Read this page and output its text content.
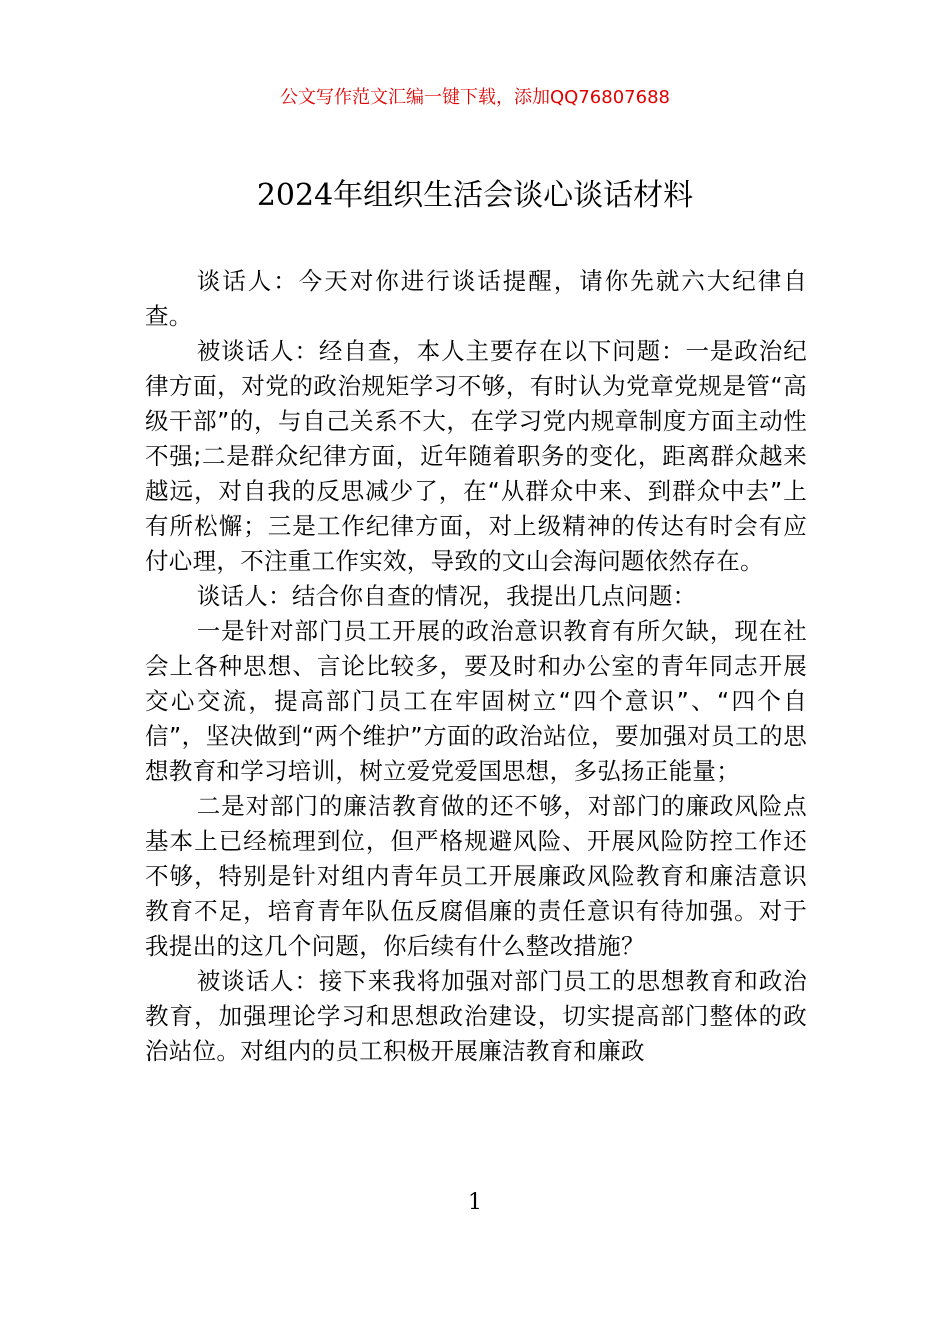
公文写作范文汇编一键下载，添加QQ76807688
2024年组织生活会谈心谈话材料

谈话人：今天对你进行谈话提醒，请你先就六大纪律自查。

被谈话人：经自查，本人主要存在以下问题：一是政治纪律方面，对党的政治规矩学习不够，有时认为党章党规是管“高级干部”的，与自己关系不大，在学习党内规章制度方面主动性不强;二是群众纪律方面，近年随着职务的变化，距离群众越来越远，对自我的反思减少了，在“从群众中来、到群众中去”上有所松懈；三是工作纪律方面，对上级精神的传达有时会有应付心理，不注重工作实效，导致的文山会海问题依然存在。

谈话人：结合你自查的情况，我提出几点问题：

一是针对部门员工开展的政治意识教育有所欠缺，现在社会上各种思想、言论比较多，要及时和办公室的青年同志开展交心交流，提高部门员工在牢固树立“四个意识”、“四个自信”，坚决做到“两个维护”方面的政治站位，要加强对员工的思想教育和学习培训，树立爱党爱国思想，多弘扬正能量；

二是对部门的廉洁教育做的还不够，对部门的廉政风险点基本上已经梳理到位，但严格规避风险、开展风险防控工作还不够，特别是针对组内青年员工开展廉政风险教育和廉洁意识教育不足，培育青年队伍反腐倡廉的责任意识有待加强。对于我提出的这几个问题，你后续有什么整改措施？

被谈话人：接下来我将加强对部门员工的思想教育和政治教育，加强理论学习和思想政治建设，切实提高部门整体的政治站位。对组内的员工积极开展廉洁教育和廉政

1
